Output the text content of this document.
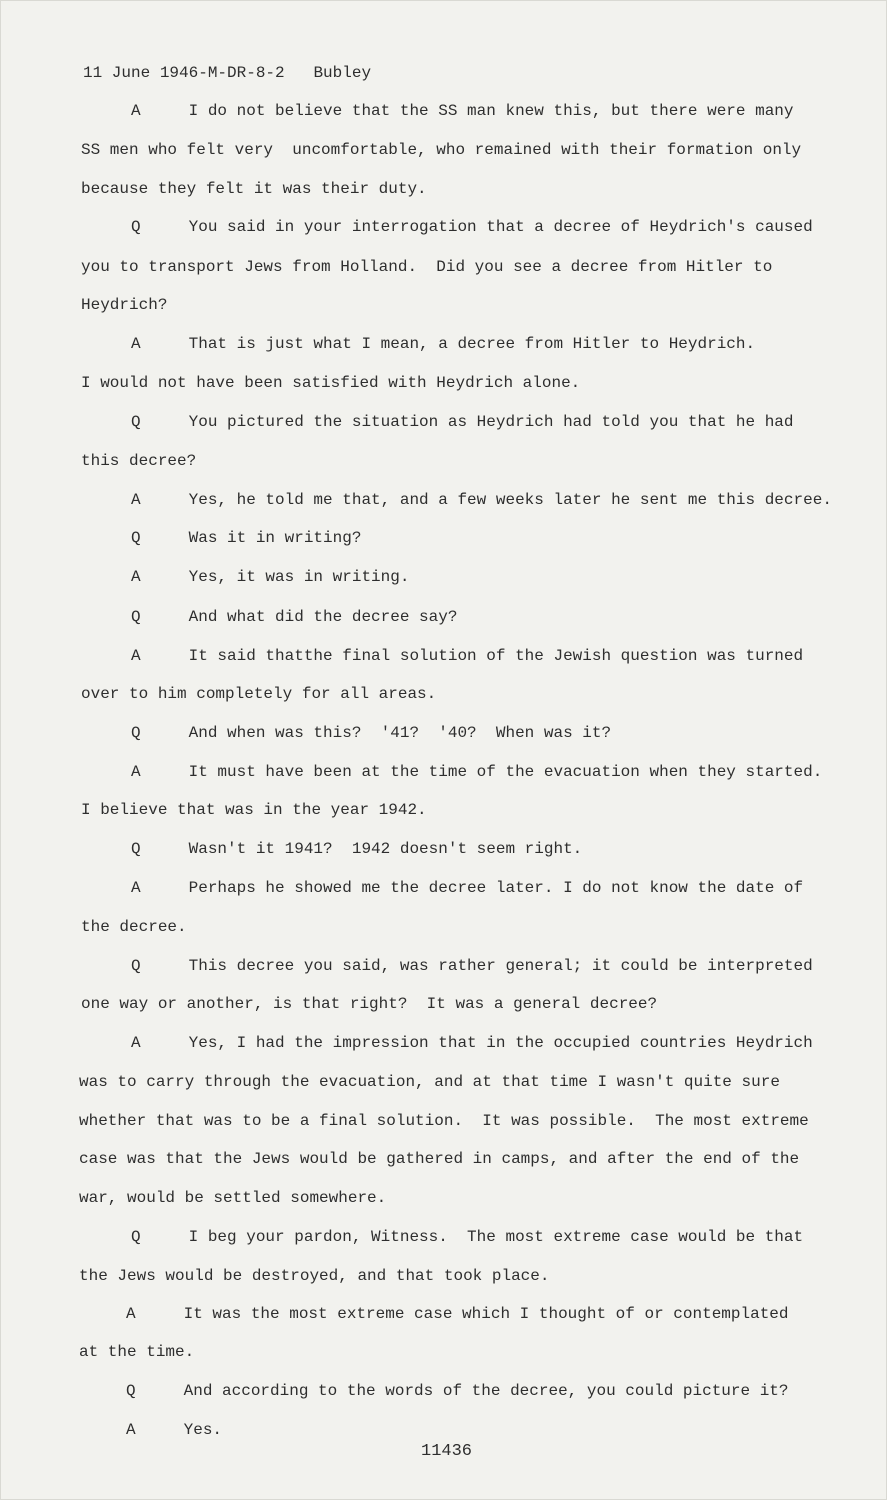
11 June 1946-M-DR-8-2   Bubley
A     I do not believe that the SS man knew this, but there were many
SS men who felt very  uncomfortable, who remained with their formation only
because they felt it was their duty.
Q     You said in your interrogation that a decree of Heydrich's caused
you to transport Jews from Holland.  Did you see a decree from Hitler to
Heydrich?
A     That is just what I mean, a decree from Hitler to Heydrich.
I would not have been satisfied with Heydrich alone.
Q     You pictured the situation as Heydrich had told you that he had
this decree?
A     Yes, he told me that, and a few weeks later he sent me this decree.
Q     Was it in writing?
A     Yes, it was in writing.
Q     And what did the decree say?
A     It said thatthe final solution of the Jewish question was turned
over to him completely for all areas.
Q     And when was this?  '41?  '40?  When was it?
A     It must have been at the time of the evacuation when they started.
I believe that was in the year 1942.
Q     Wasn't it 1941?  1942 doesn't seem right.
A     Perhaps he showed me the decree later. I do not know the date of
the decree.
Q     This decree you said, was rather general; it could be interpreted
one way or another, is that right?  It was a general decree?
A     Yes, I had the impression that in the occupied countries Heydrich
was to carry through the evacuation, and at that time I wasn't quite sure
whether that was to be a final solution.  It was possible.  The most extreme
case was that the Jews would be gathered in camps, and after the end of the
war, would be settled somewhere.
Q     I beg your pardon, Witness.  The most extreme case would be that
the Jews would be destroyed, and that took place.
A     It was the most extreme case which I thought of or contemplated
at the time.
Q     And according to the words of the decree, you could picture it?
A     Yes.
11436
